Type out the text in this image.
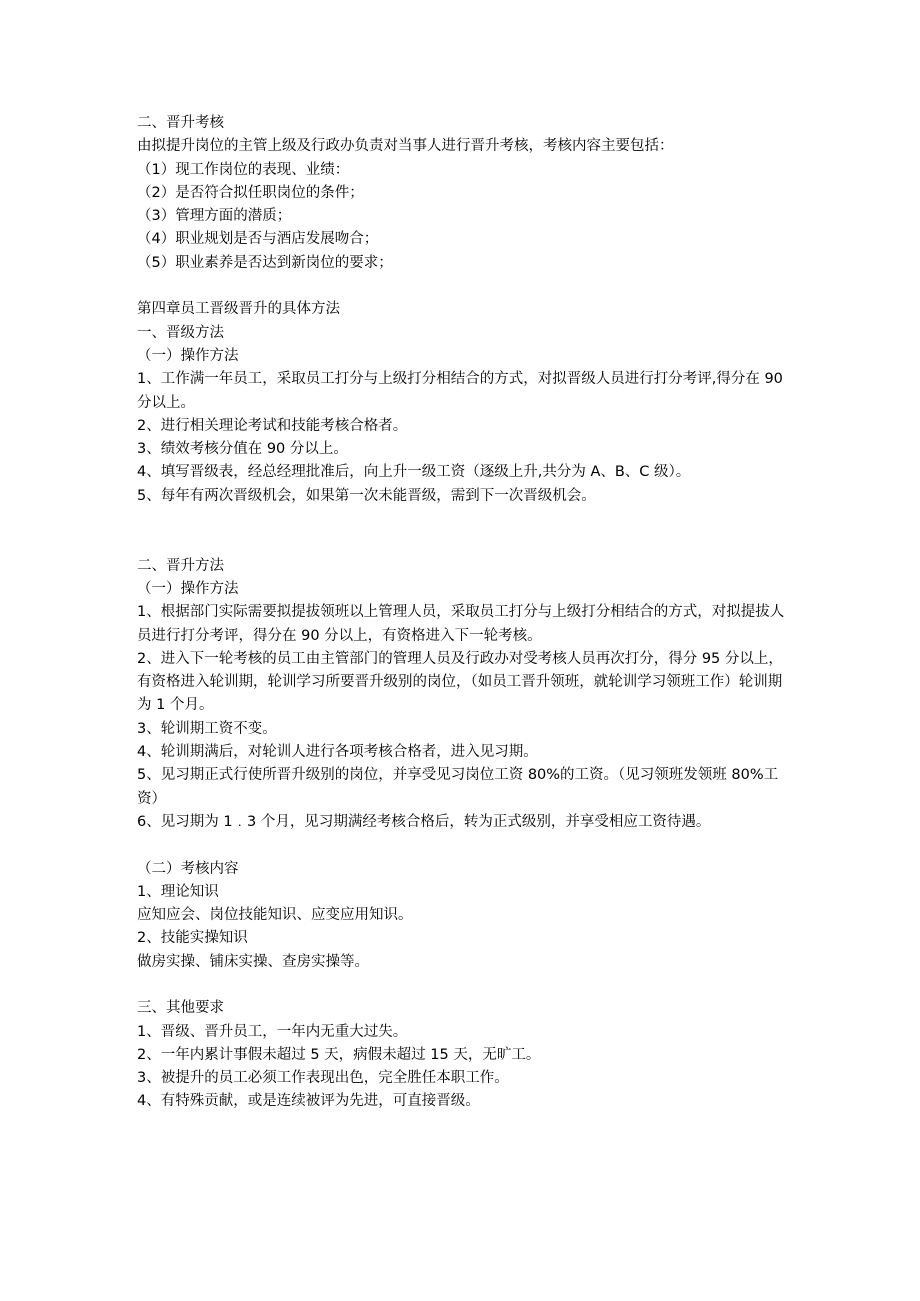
二、晋升考核

由拟提升岗位的主管上级及行政办负责对当事人进行晋升考核，考核内容主要包括：

（1）现工作岗位的表现、业绩：

（2）是否符合拟任职岗位的条件；

（3）管理方面的潜质；

（4）职业规划是否与酒店发展吻合；

（5）职业素养是否达到新岗位的要求；

第四章员工晋级晋升的具体方法

一、晋级方法

（一）操作方法

1、工作满一年员工，采取员工打分与上级打分相结合的方式，对拟晋级人员进行打分考评,得分在 90 分以上。

2、进行相关理论考试和技能考核合格者。

3、绩效考核分值在 90 分以上。

4、填写晋级表，经总经理批准后，向上升一级工资（逐级上升,共分为 A、B、C 级）。

5、每年有两次晋级机会，如果第一次未能晋级，需到下一次晋级机会。

二、晋升方法

（一）操作方法

1、根据部门实际需要拟提拔领班以上管理人员，采取员工打分与上级打分相结合的方式，对拟提拔人员进行打分考评，得分在 90 分以上，有资格进入下一轮考核。

2、进入下一轮考核的员工由主管部门的管理人员及行政办对受考核人员再次打分，得分 95 分以上，有资格进入轮训期，轮训学习所要晋升级别的岗位，（如员工晋升领班，就轮训学习领班工作）轮训期为 1 个月。

3、轮训期工资不变。

4、轮训期满后，对轮训人进行各项考核合格者，进入见习期。

5、见习期正式行使所晋升级别的岗位，并享受见习岗位工资 80%的工资。（见习领班发领班 80%工资）

6、见习期为 1﹒3 个月，见习期满经考核合格后，转为正式级别，并享受相应工资待遇。

（二）考核内容

1、理论知识

应知应会、岗位技能知识、应变应用知识。

2、技能实操知识

做房实操、铺床实操、查房实操等。

三、其他要求

1、晋级、晋升员工，一年内无重大过失。

2、一年内累计事假未超过 5 天，病假未超过 15 天，无旷工。

3、被提升的员工必须工作表现出色，完全胜任本职工作。

4、有特殊贡献，或是连续被评为先进，可直接晋级。
